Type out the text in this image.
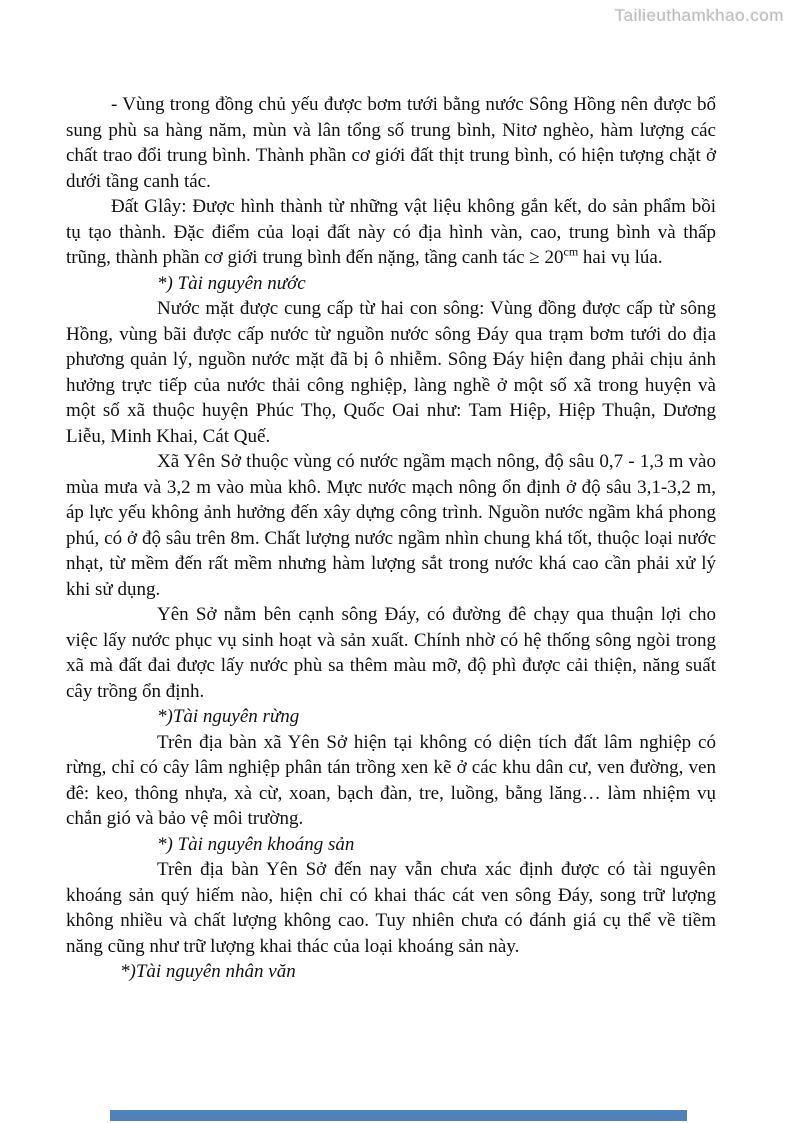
Tailieuthamkhao.com

- Vùng trong đồng chủ yếu được bơm tưới bằng nước Sông Hồng nên được bổ sung phù sa hàng năm, mùn và lân tổng số trung bình, Nitơ nghèo, hàm lượng các chất trao đổi trung bình. Thành phần cơ giới đất thịt trung bình, có hiện tượng chặt ở dưới tầng canh tác.

Đất Glây: Được hình thành từ những vật liệu không gắn kết, do sản phẩm bồi tụ tạo thành. Đặc điểm của loại đất này có địa hình vàn, cao, trung bình và thấp trũng, thành phần cơ giới trung bình đến nặng, tầng canh tác ≥ $20^{cm}$ hai vụ lúa.

*) Tài nguyên nước

Nước mặt được cung cấp từ hai con sông: Vùng đồng được cấp từ sông Hồng, vùng bãi được cấp nước từ nguồn nước sông Đáy qua trạm bơm tưới do địa phương quản lý, nguồn nước mặt đã bị ô nhiễm. Sông Đáy hiện đang phải chịu ảnh hưởng trực tiếp của nước thải công nghiệp, làng nghề ở một số xã trong huyện và một số xã thuộc huyện Phúc Thọ, Quốc Oai như: Tam Hiệp, Hiệp Thuận, Dương Liễu, Minh Khai, Cát Quế.

Xã Yên Sở thuộc vùng có nước ngầm mạch nông, độ sâu 0,7 - 1,3 m vào mùa mưa và 3,2 m vào mùa khô. Mực nước mạch nông ổn định ở độ sâu 3,1-3,2 m, áp lực yếu không ảnh hưởng đến xây dựng công trình. Nguồn nước ngầm khá phong phú, có ở độ sâu trên 8m. Chất lượng nước ngầm nhìn chung khá tốt, thuộc loại nước nhạt, từ mềm đến rất mềm nhưng hàm lượng sắt trong nước khá cao cần phải xử lý khi sử dụng.

Yên Sở nằm bên cạnh sông Đáy, có đường đê chạy qua thuận lợi cho việc lấy nước phục vụ sinh hoạt và sản xuất. Chính nhờ có hệ thống sông ngòi trong xã mà đất đai được lấy nước phù sa thêm màu mỡ, độ phì được cải thiện, năng suất cây trồng ổn định.

*)Tài nguyên rừng

Trên địa bàn xã Yên Sở hiện tại không có diện tích đất lâm nghiệp có rừng, chỉ có cây lâm nghiệp phân tán trồng xen kẽ ở các khu dân cư, ven đường, ven đê: keo, thông nhựa, xà cừ, xoan, bạch đàn, tre, luồng, bằng lăng… làm nhiệm vụ chắn gió và bảo vệ môi trường.

*) Tài nguyên khoáng sản

Trên địa bàn Yên Sở đến nay vẫn chưa xác định được có tài nguyên khoáng sản quý hiếm nào, hiện chỉ có khai thác cát ven sông Đáy, song trữ lượng không nhiều và chất lượng không cao. Tuy nhiên chưa có đánh giá cụ thể về tiềm năng cũng như trữ lượng khai thác của loại khoáng sản này.

*)Tài nguyên nhân văn
